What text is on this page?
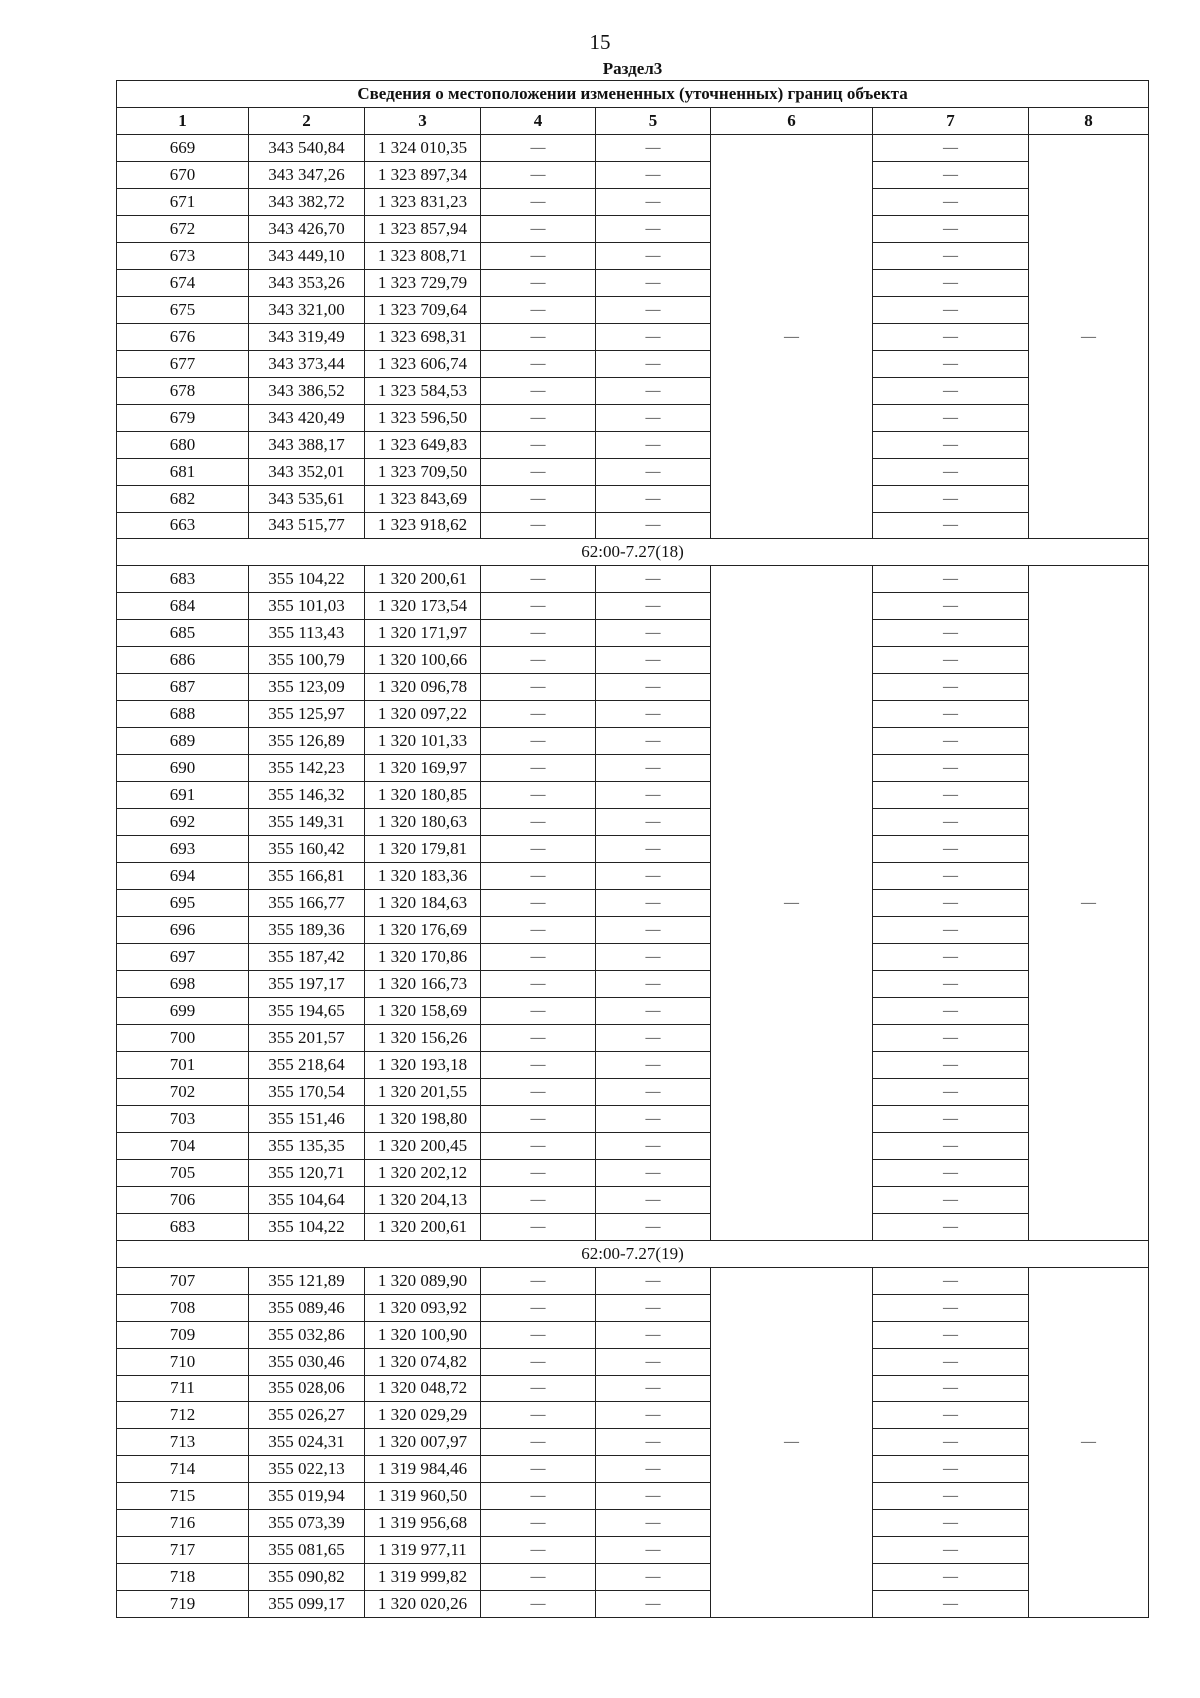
15
Раздел3
Сведения о местоположении измененных (уточненных) границ объекта							
1	2	3	4	5	6	7	8
669	343 540,84	1 324 010,35	—	—	—	—	—
670	343 347,26	1 323 897,34	—	—		—	
671	343 382,72	1 323 831,23	—	—		—	
672	343 426,70	1 323 857,94	—	—		—	
673	343 449,10	1 323 808,71	—	—		—	
674	343 353,26	1 323 729,79	—	—		—	
675	343 321,00	1 323 709,64	—	—		—	
676	343 319,49	1 323 698,31	—	—		—	
677	343 373,44	1 323 606,74	—	—		—	
678	343 386,52	1 323 584,53	—	—		—	
679	343 420,49	1 323 596,50	—	—		—	
680	343 388,17	1 323 649,83	—	—		—	
681	343 352,01	1 323 709,50	—	—		—	
682	343 535,61	1 323 843,69	—	—		—	
663	343 515,77	1 323 918,62	—	—		—	
62:00-7.27(18)							
683	355 104,22	1 320 200,61	—	—	—	—	—
684	355 101,03	1 320 173,54	—	—		—	
685	355 113,43	1 320 171,97	—	—		—	
686	355 100,79	1 320 100,66	—	—		—	
687	355 123,09	1 320 096,78	—	—		—	
688	355 125,97	1 320 097,22	—	—		—	
689	355 126,89	1 320 101,33	—	—		—	
690	355 142,23	1 320 169,97	—	—		—	
691	355 146,32	1 320 180,85	—	—		—	
692	355 149,31	1 320 180,63	—	—		—	
693	355 160,42	1 320 179,81	—	—		—	
694	355 166,81	1 320 183,36	—	—		—	
695	355 166,77	1 320 184,63	—	—		—	
696	355 189,36	1 320 176,69	—	—		—	
697	355 187,42	1 320 170,86	—	—		—	
698	355 197,17	1 320 166,73	—	—		—	
699	355 194,65	1 320 158,69	—	—		—	
700	355 201,57	1 320 156,26	—	—		—	
701	355 218,64	1 320 193,18	—	—		—	
702	355 170,54	1 320 201,55	—	—		—	
703	355 151,46	1 320 198,80	—	—		—	
704	355 135,35	1 320 200,45	—	—		—	
705	355 120,71	1 320 202,12	—	—		—	
706	355 104,64	1 320 204,13	—	—		—	
683	355 104,22	1 320 200,61	—	—		—	
62:00-7.27(19)							
707	355 121,89	1 320 089,90	—	—	—	—	—
708	355 089,46	1 320 093,92	—	—		—	
709	355 032,86	1 320 100,90	—	—		—	
710	355 030,46	1 320 074,82	—	—		—	
711	355 028,06	1 320 048,72	—	—		—	
712	355 026,27	1 320 029,29	—	—		—	
713	355 024,31	1 320 007,97	—	—		—	
714	355 022,13	1 319 984,46	—	—		—	
715	355 019,94	1 319 960,50	—	—		—	
716	355 073,39	1 319 956,68	—	—		—	
717	355 081,65	1 319 977,11	—	—		—	
718	355 090,82	1 319 999,82	—	—		—	
719	355 099,17	1 320 020,26	—	—		—	
